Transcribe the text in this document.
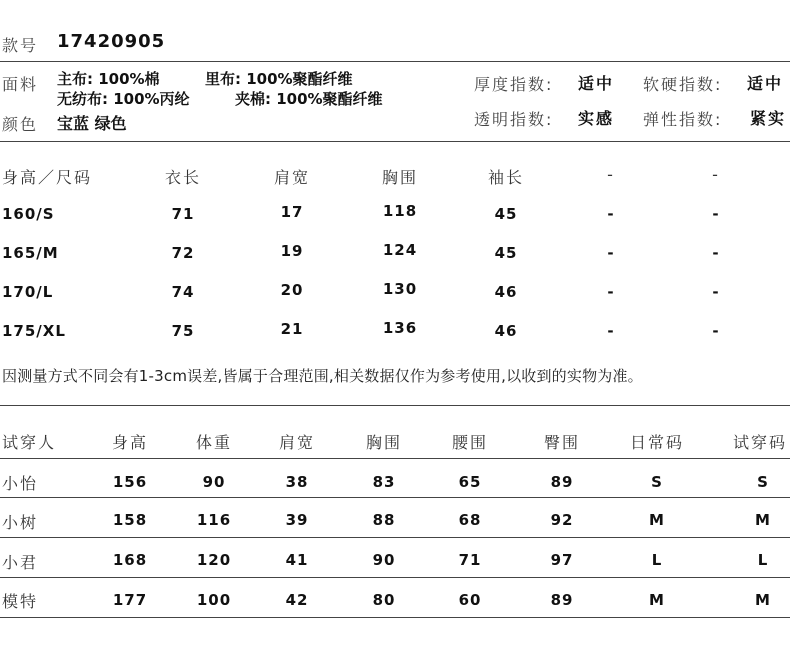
款号 17420905
面料 主布: 100%棉	里布: 100%聚酯纤维
无纺布: 100%丙纶	夹棉: 100%聚酯纤维
厚度指数: 适中 软硬指数: 适中
颜色 宝蓝 绿色	透明指数: 实感 弹性指数: 紧实
身高／尺码	衣长	肩宽	胸围	袖长	-	-
160/S	71	17	118	45	-	-
165/M	72	19	124	45	-	-
170/L	74	20	130	46	-	-
175/XL	75	21	136	46	-	-
因测量方式不同会有1-3cm误差,皆属于合理范围,相关数据仅作为参考使用,以收到的实物为准。
试穿人	身高	体重	肩宽	胸围	腰围	臀围	日常码	试穿码
小怡	156	90	38	83	65	89	S	S
小树	158	116	39	88	68	92	M	M
小君	168	120	41	90	71	97	L	L
模特	177	100	42	80	60	89	M	M
